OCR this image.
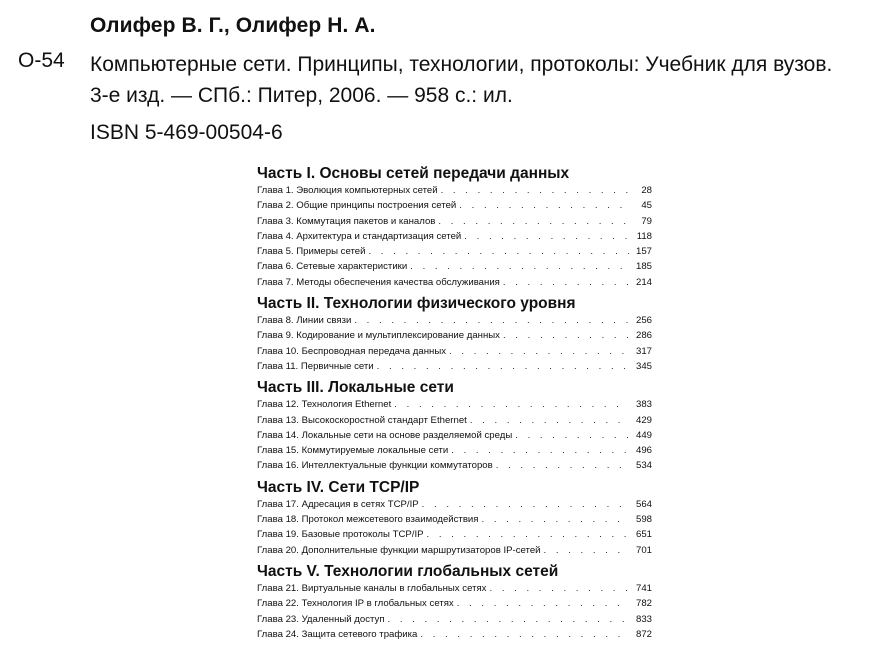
Олифер В. Г., Олифер Н. А.
О-54 Компьютерные сети. Принципы, технологии, протоколы: Учебник для вузов.
3-е изд. — СПб.: Питер, 2006. — 958 с.: ил.
ISBN 5-469-00504-6
Часть I. Основы сетей передачи данных
Глава 1. Эволюция компьютерных сетей . . .	28
Глава 2. Общие принципы построения сетей . . .	45
Глава 3. Коммутация пакетов и каналов . . .	79
Глава 4. Архитектура и стандартизация сетей . . .	118
Глава 5. Примеры сетей . . .	157
Глава 6. Сетевые характеристики . . .	185
Глава 7. Методы обеспечения качества обслуживания . . .	214
Часть II. Технологии физического уровня
Глава 8. Линии связи . . .	256
Глава 9. Кодирование и мультиплексирование данных . . .	286
Глава 10. Беспроводная передача данных . . .	317
Глава 11. Первичные сети . . .	345
Часть III. Локальные сети
Глава 12. Технология Ethernet . . .	383
Глава 13. Высокоскоростной стандарт Ethernet . . .	429
Глава 14. Локальные сети на основе разделяемой среды . . .	449
Глава 15. Коммутируемые локальные сети . . .	496
Глава 16. Интеллектуальные функции коммутаторов . . .	534
Часть IV. Сети TCP/IP
Глава 17. Адресация в сетях TCP/IP . . .	564
Глава 18. Протокол межсетевого взаимодействия . . .	598
Глава 19. Базовые протоколы TCP/IP . . .	651
Глава 20. Дополнительные функции маршрутизаторов IP-сетей . . .	701
Часть V. Технологии глобальных сетей
Глава 21. Виртуальные каналы в глобальных сетях . . .	741
Глава 22. Технология IP в глобальных сетях . . .	782
Глава 23. Удаленный доступ . . .	833
Глава 24. Защита сетевого трафика . . .	872
